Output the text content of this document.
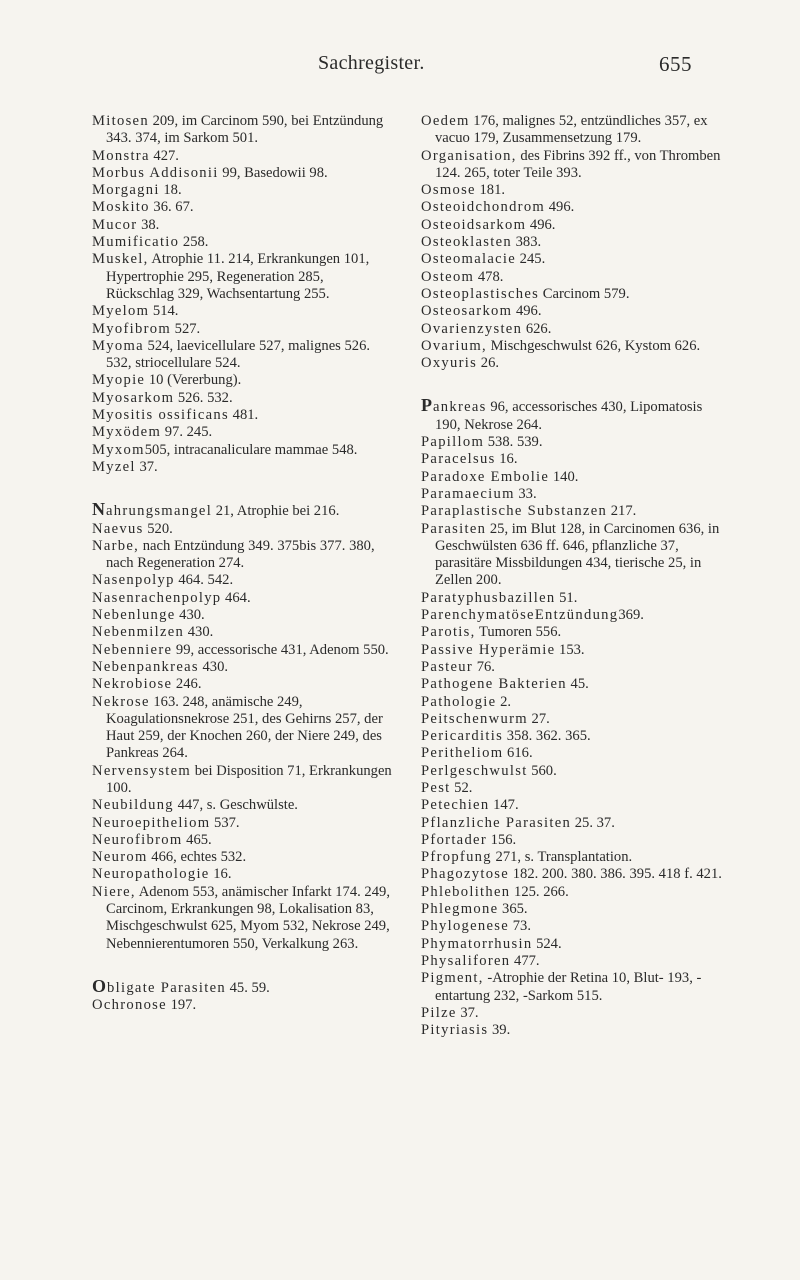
Sachregister.	655
Mitosen 209, im Carcinom 590, bei Entzündung 343. 374, im Sarkom 501.
Monstra 427.
Morbus Addisonii 99, Basedowii 98.
Morgagni 18.
Moskito 36. 67.
Mucor 38.
Mumificatio 258.
Muskel, Atrophie 11. 214, Erkrankungen 101, Hypertrophie 295, Regeneration 285, Rückschlag 329, Wachsentartung 255.
Myelom 514.
Myofibrom 527.
Myoma 524, laevicellulare 527, malignes 526. 532, striocellulare 524.
Myopie 10 (Vererbung).
Myosarkom 526. 532.
Myositis ossificans 481.
Myxödem 97. 245.
Myxom505, intracanaliculare mammae 548.
Myzel 37.
Nahrungsmangel 21, Atrophie bei 216.
Naevus 520.
Narbe, nach Entzündung 349. 375bis 377. 380, nach Regeneration 274.
Nasenpolyp 464. 542.
Nasenrachenpolyp 464.
Nebenlunge 430.
Nebenmilzen 430.
Nebenniere 99, accessorische 431, Adenom 550.
Nebenpankreas 430.
Nekrobiose 246.
Nekrose 163. 248, anämische 249, Koagulationsnekrose 251, des Gehirns 257, der Haut 259, der Knochen 260, der Niere 249, des Pankreas 264.
Nervensystem bei Disposition 71, Erkrankungen 100.
Neubildung 447, s. Geschwülste.
Neuroepitheliom 537.
Neurofibrom 465.
Neurom 466, echtes 532.
Neuropathologie 16.
Niere, Adenom 553, anämischer Infarkt 174. 249, Carcinom, Erkrankungen 98, Lokalisation 83, Mischgeschwulst 625, Myom 532, Nekrose 249, Nebennierentumoren 550, Verkalkung 263.
Obligate Parasiten 45. 59.
Ochronose 197.
Oedem 176, malignes 52, entzündliches 357, ex vacuo 179, Zusammensetzung 179.
Organisation, des Fibrins 392 ff., von Thromben 124. 265, toter Teile 393.
Osmose 181.
Osteoidchondrom 496.
Osteoidsarkom 496.
Osteoklasten 383.
Osteomalacie 245.
Osteom 478.
Osteoplastisches Carcinom 579.
Osteosarkom 496.
Ovarienzysten 626.
Ovarium, Mischgeschwulst 626, Kystom 626.
Oxyuris 26.
Pankreas 96, accessorisches 430, Lipomatosis 190, Nekrose 264.
Papillom 538. 539.
Paracelsus 16.
Paradoxe Embolie 140.
Paramaecium 33.
Paraplastische Substanzen 217.
Parasiten 25, im Blut 128, in Carcinomen 636, in Geschwülsten 636 ff. 646, pflanzliche 37, parasitäre Missbildungen 434, tierische 25, in Zellen 200.
Paratyphusbazillen 51.
ParenchymatöseEntzündung369.
Parotis, Tumoren 556.
Passive Hyperämie 153.
Pasteur 76.
Pathogene Bakterien 45.
Pathologie 2.
Peitschenwurm 27.
Pericarditis 358. 362. 365.
Peritheliom 616.
Perlgeschwulst 560.
Pest 52.
Petechien 147.
Pflanzliche Parasiten 25. 37.
Pfortader 156.
Pfropfung 271, s. Transplantation.
Phagozytose 182. 200. 380. 386. 395. 418 f. 421.
Phlebolithen 125. 266.
Phlegmone 365.
Phylogenese 73.
Phymatorrhusin 524.
Physaliforen 477.
Pigment, -Atrophie der Retina 10, Blut- 193, -entartung 232, -Sarkom 515.
Pilze 37.
Pityriasis 39.
